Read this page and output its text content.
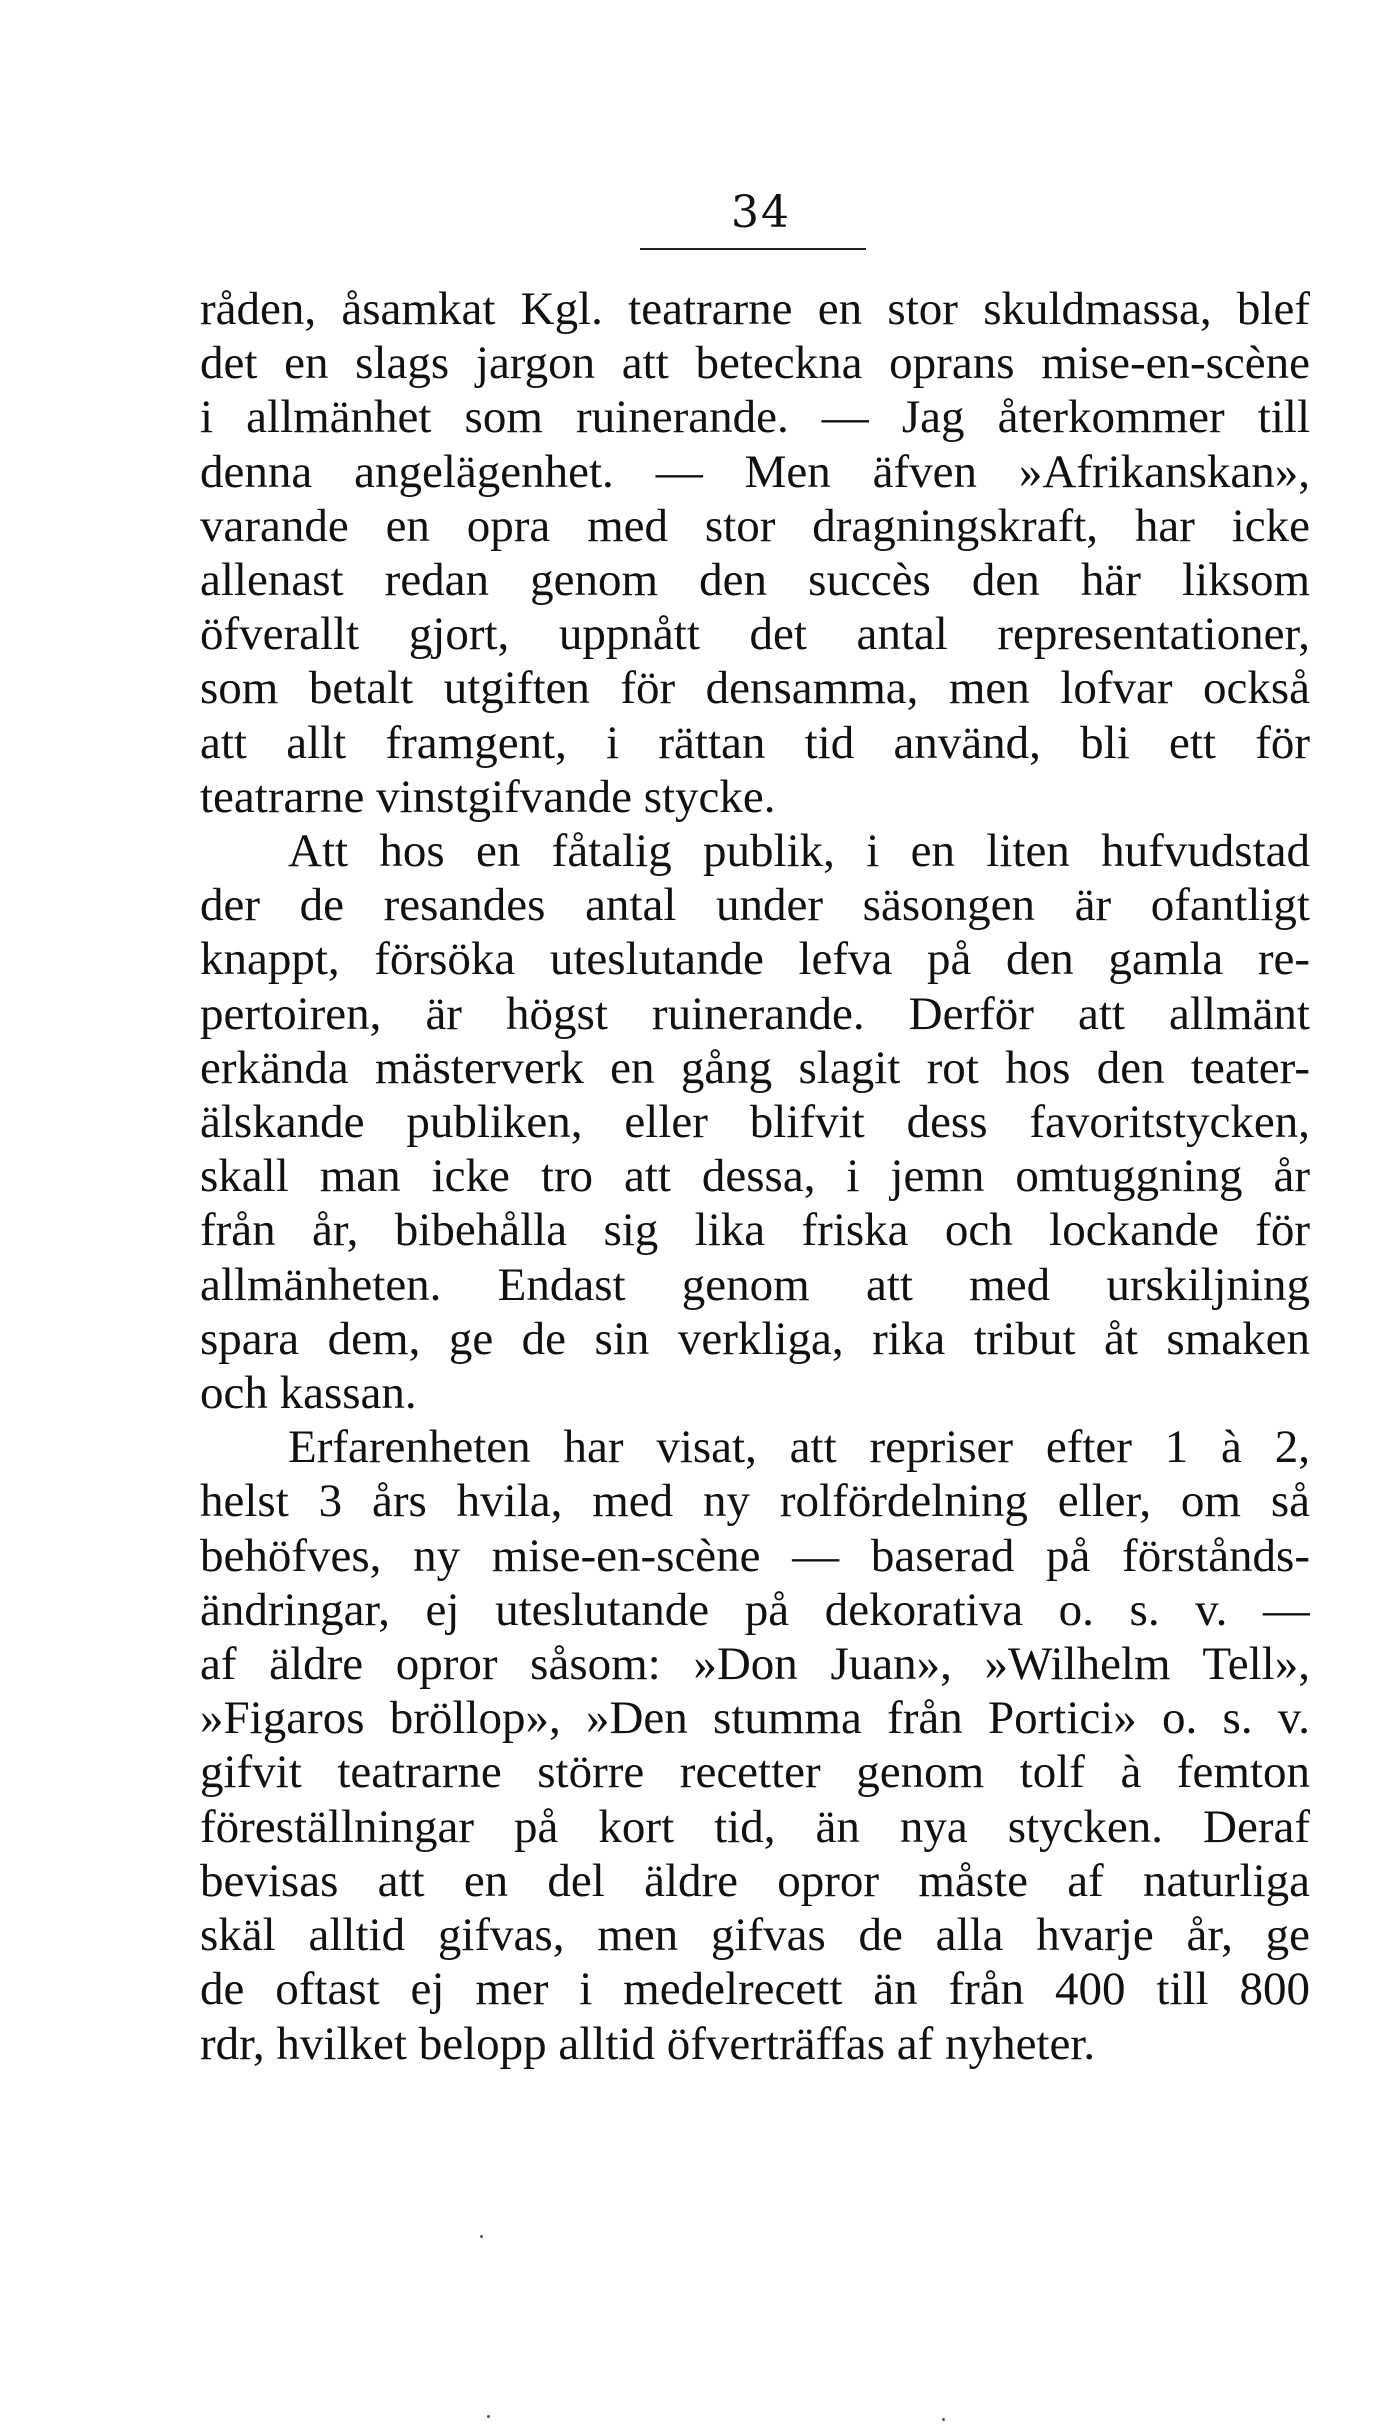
34

råden, åsamkat Kgl. teatrarne en stor skuldmassa, blef
det en slags jargon att beteckna oprans mise-en-scène
i allmänhet som ruinerande. — Jag återkommer till
denna angelägenhet. — Men äfven »Afrikanskan»,
varande en opra med stor dragningskraft, har icke
allenast redan genom den succès den här liksom
öfverallt gjort, uppnått det antal representationer,
som betalt utgiften för densamma, men lofvar också
att allt framgent, i rättan tid använd, bli ett för
teatrarne vinstgifvande stycke.

Att hos en fåtalig publik, i en liten hufvudstad
der de resandes antal under säsongen är ofantligt
knappt, försöka uteslutande lefva på den gamla re-
pertoiren, är högst ruinerande. Derför att allmänt
erkända mästerverk en gång slagit rot hos den teater-
älskande publiken, eller blifvit dess favoritstycken,
skall man icke tro att dessa, i jemn omtuggning år
från år, bibehålla sig lika friska och lockande för
allmänheten. Endast genom att med urskiljning
spara dem, ge de sin verkliga, rika tribut åt smaken
och kassan.

Erfarenheten har visat, att repriser efter 1 à 2,
helst 3 års hvila, med ny rolfördelning eller, om så
behöfves, ny mise-en-scène — baserad på förstånds-
ändringar, ej uteslutande på dekorativa o. s. v. —
af äldre opror såsom: »Don Juan», »Wilhelm Tell»,
»Figaros bröllop», »Den stumma från Portici» o. s. v.
gifvit teatrarne större recetter genom tolf à femton
föreställningar på kort tid, än nya stycken. Deraf
bevisas att en del äldre opror måste af naturliga
skäl alltid gifvas, men gifvas de alla hvarje år, ge
de oftast ej mer i medelrecett än från 400 till 800
rdr, hvilket belopp alltid öfverträffas af nyheter.
